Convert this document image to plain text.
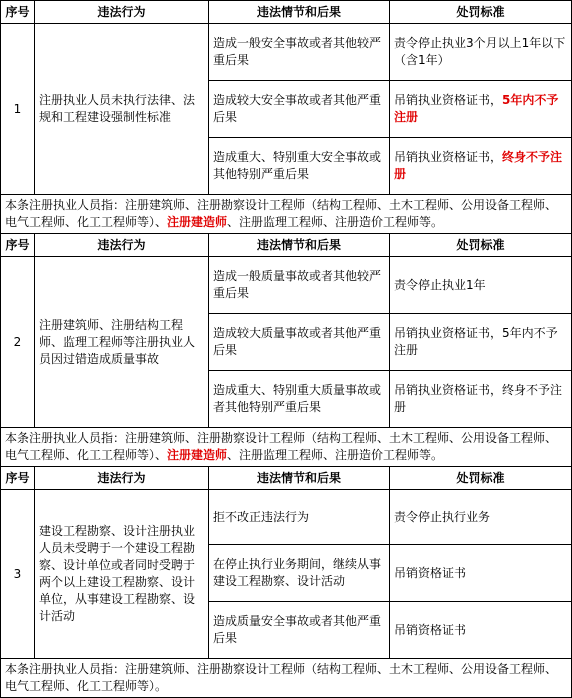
序号	违法行为	违法情节和后果	处罚标准
1	注册执业人员未执行法律、法规和工程建设强制性标准	造成一般安全事故或者其他较严重后果	责令停止执业3个月以上1年以下（含1年）
		造成较大安全事故或者其他严重后果	吊销执业资格证书，5年内不予注册
		造成重大、特别重大安全事故或其他特别严重后果	吊销执业资格证书，终身不予注册
本条注册执业人员指：注册建筑师、注册勘察设计工程师（结构工程师、土木工程师、公用设备工程师、电气工程师、化工工程师等）、注册建造师、注册监理工程师、注册造价工程师等。			
序号	违法行为	违法情节和后果	处罚标准
2	注册建筑师、注册结构工程师、监理工程师等注册执业人员因过错造成质量事故	造成一般质量事故或者其他较严重后果	责令停止执业1年
		造成较大质量事故或者其他严重后果	吊销执业资格证书，5年内不予注册
		造成重大、特别重大质量事故或者其他特别严重后果	吊销执业资格证书，终身不予注册
本条注册执业人员指：注册建筑师、注册勘察设计工程师（结构工程师、土木工程师、公用设备工程师、电气工程师、化工工程师等）、注册建造师、注册监理工程师、注册造价工程师等。			
序号	违法行为	违法情节和后果	处罚标准
3	建设工程勘察、设计注册执业人员未受聘于一个建设工程勘察、设计单位或者同时受聘于两个以上建设工程勘察、设计单位，从事建设工程勘察、设计活动	拒不改正违法行为	责令停止执行业务
		在停止执行业务期间，继续从事建设工程勘察、设计活动	吊销资格证书
		造成质量安全事故或者其他严重后果	吊销资格证书
本条注册执业人员指：注册建筑师、注册勘察设计工程师（结构工程师、土木工程师、公用设备工程师、电气工程师、化工工程师等）。			
